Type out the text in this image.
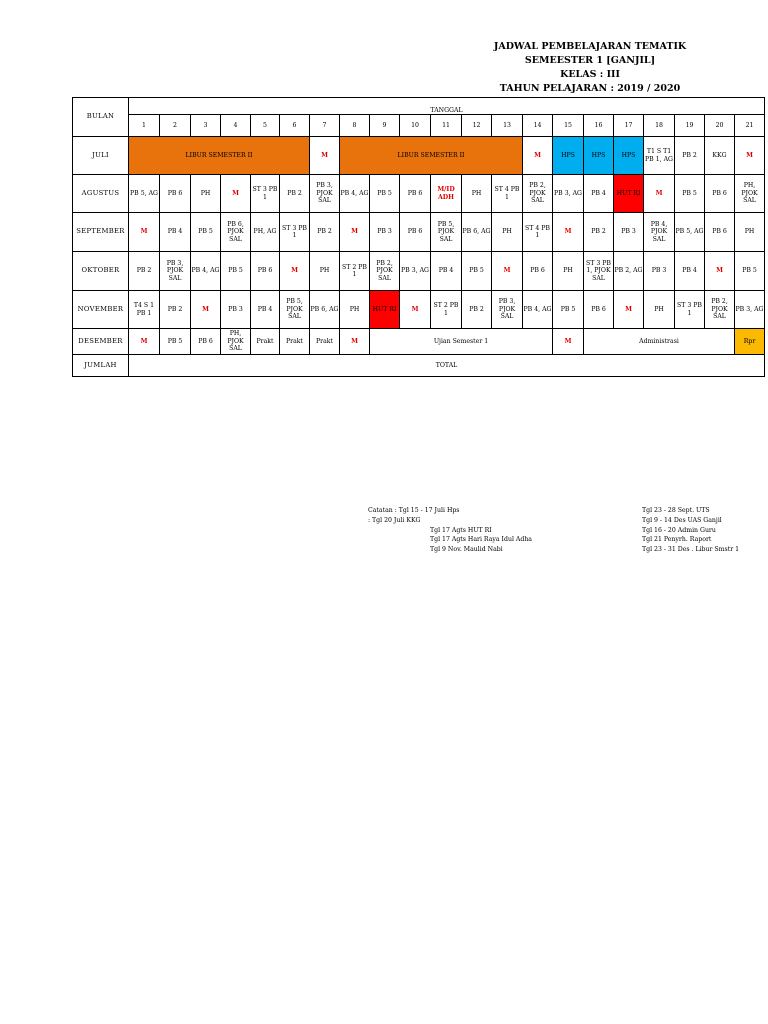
JADWAL PEMBELAJARAN TEMATIK
SEMEESTER 1 [GANJIL]
KELAS : III
TAHUN PELAJARAN : 2019 / 2020
BULAN	TANGGAL																				
	1	2	3	4	5	6	7	8	9	10	11	12	13	14	15	16	17	18	19	20	21
JULI	LIBUR SEMESTER II						M	LIBUR SEMESTER II						M	HPS	HPS	HPS	T1 S T1 PB 1, AG	PB 2	KKG	M
AGUSTUS	PB 5, AG	PB 6	PH	M	ST 3 PB 1	PB 2	PB 3, PJOK SAL	PB 4, AG	PB 5	PB 6	M/ID ADH	PH	ST 4 PB 1	PB 2, PJOK SAL	PB 3, AG	PB 4	HUT RI	M	PB 5	PB 6	PH, PJOK SAL
SEPTEMBER	M	PB 4	PB 5	PB 6, PJOK SAL	PH, AG	ST 3 PB 1	PB 2	M	PB 3	PB 6	PB 5, PJOK SAL	PB 6, AG	PH	ST 4 PB 1	M	PB 2	PB 3	PB 4, PJOK SAL	PB 5, AG	PB 6	PH
OKTOBER	PB 2	PB 3, PJOK SAL	PB 4, AG	PB 5	PB 6	M	PH	ST 2 PB 1	PB 2, PJOK SAL	PB 3, AG	PB 4	PB 5	M	PB 6	PH	ST 3 PB 1, PJOK SAL	PB 2, AG	PB 3	PB 4	M	PB 5
NOVEMBER	T4 S 1 PB 1	PB 2	M	PB 3	PB 4	PB 5, PJOK SAL	PB 6, AG	PH	HUT RI	M	ST 2 PB 1	PB 2	PB 3, PJOK SAL	PB 4, AG	PB 5	PB 6	M	PH	ST 3 PB 1	PB 2, PJOK SAL	PB 3, AG
DESEMBER	M	PB 5	PB 6	PH, PJOK SAL	Prakt	Prakt	Prakt	M	Ujian Semester 1						M	Administrasi					Rpr
JUMLAH	TOTAL																				
Catatan : Tgl 15 - 17 Juli Hps
: Tgl 20 Juli KKG
Tgl 17 Agts HUT RI
Tgl 17 Agts Hari Raya Idul Adha
Tgl 9 Nov. Maulid Nabi
Tgl 23 - 28 Sept. UTS
Tgl 9 - 14 Des UAS Ganjil
Tgl 16 - 20 Admin Guru
Tgl 21 Penyrh. Raport
Tgl 23 - 31 Des . Libur Smstr 1
